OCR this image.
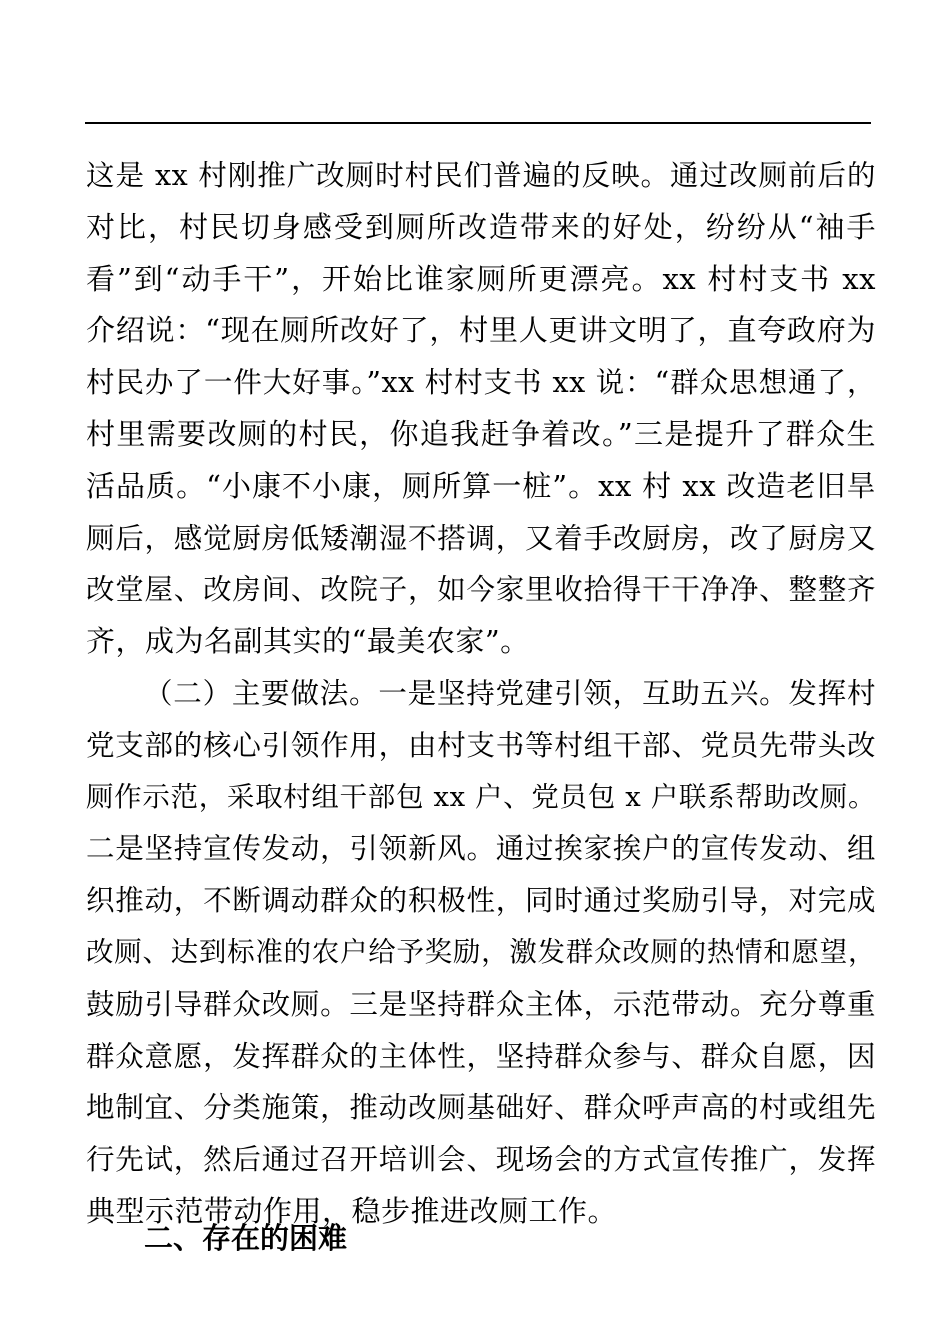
这是 xx 村刚推广改厕时村民们普遍的反映。通过改厕前后的
对比，村民切身感受到厕所改造带来的好处，纷纷从“袖手
看”到“动手干”，开始比谁家厕所更漂亮。xx 村村支书 xx
介绍说：“现在厕所改好了，村里人更讲文明了，直夸政府为
村民办了一件大好事。”xx 村村支书 xx 说：“群众思想通了，
村里需要改厕的村民，你追我赶争着改。”三是提升了群众生
活品质。“小康不小康，厕所算一桩”。xx 村 xx 改造老旧旱
厕后，感觉厨房低矮潮湿不搭调，又着手改厨房，改了厨房又
改堂屋、改房间、改院子，如今家里收拾得干干净净、整整齐
齐，成为名副其实的“最美农家”。
（二）主要做法。一是坚持党建引领，互助五兴。发挥村
党支部的核心引领作用，由村支书等村组干部、党员先带头改
厕作示范，采取村组干部包 xx 户、党员包 x 户联系帮助改厕。
二是坚持宣传发动，引领新风。通过挨家挨户的宣传发动、组
织推动，不断调动群众的积极性，同时通过奖励引导，对完成
改厕、达到标准的农户给予奖励，激发群众改厕的热情和愿望，
鼓励引导群众改厕。三是坚持群众主体，示范带动。充分尊重
群众意愿，发挥群众的主体性，坚持群众参与、群众自愿，因
地制宜、分类施策，推动改厕基础好、群众呼声高的村或组先
行先试，然后通过召开培训会、现场会的方式宣传推广，发挥
典型示范带动作用，稳步推进改厕工作。
二、存在的困难
